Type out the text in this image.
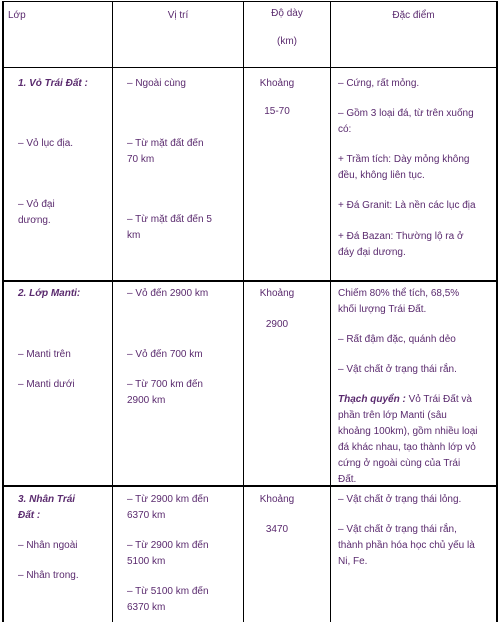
Lớp	Vị trí	Độ dày

(km)

Đặc điểm

1. Vỏ Trái Đất :

– Vỏ lục địa.

– Vỏ đại
dương.

– Ngoài cùng

– Từ mặt đất đến
70 km

– Từ mặt đất đến 5
km

Khoảng

15-70

– Cứng, rất mỏng.

– Gồm 3 loại đá, từ trên xuống
có:

+ Trầm tích: Dày mỏng không
đều, không liên tục.

+ Đá Granit: Là nền các lục địa

+ Đá Bazan: Thường lộ ra ở
đáy đại dương.

2. Lớp Manti:

– Manti trên

– Manti dưới

– Vỏ đến 2900 km

– Vỏ đến 700 km

– Từ 700 km đến
2900 km

Khoảng

2900

Chiếm 80% thể tích, 68,5%
khối lượng Trái Đất.

– Rất đậm đặc, quánh dẻo

– Vật chất ở trạng thái rắn.

Thạch quyển : Vỏ Trái Đất và
phần trên lớp Manti (sâu
khoảng 100km), gồm nhiều loại
đá khác nhau, tạo thành lớp vỏ
cứng ở ngoài cùng của Trái
Đất.

3. Nhân Trái
Đất :

– Nhân ngoài

– Nhân trong.

– Từ 2900 km đến
6370 km

– Từ 2900 km đến
5100 km

– Từ 5100 km đến
6370 km

Khoảng

3470

– Vật chất ở trạng thái lỏng.

– Vật chất ở trạng thái rắn,
thành phần hóa học chủ yếu là
Ni, Fe.
